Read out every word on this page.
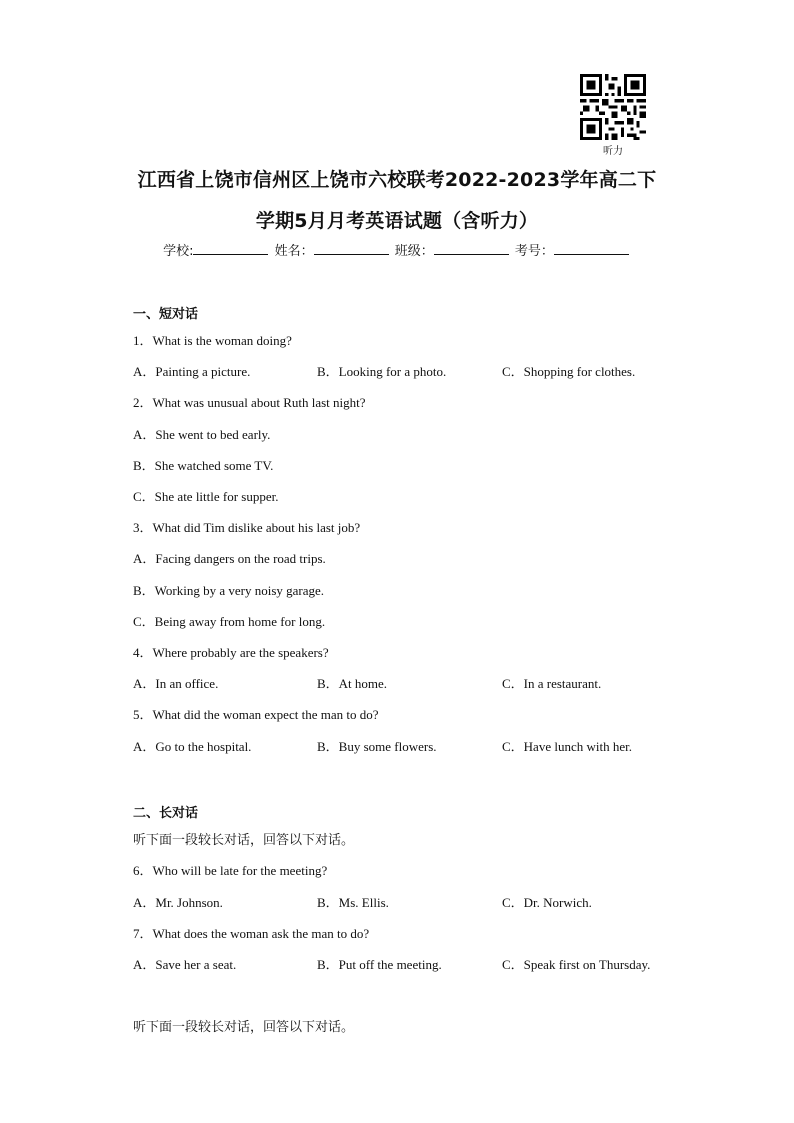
听力
江西省上饶市信州区上饶市六校联考2022-2023学年高二下
学期5月月考英语试题（含听力）
学校:	姓名：	班级：	考号：
一、短对话
1．What is the woman doing?
A．Painting a picture.	B．Looking for a photo.	C．Shopping for clothes.
2．What was unusual about Ruth last night?
A．She went to bed early.
B．She watched some TV.
C．She ate little for supper.
3．What did Tim dislike about his last job?
A．Facing dangers on the road trips.
B．Working by a very noisy garage.
C．Being away from home for long.
4．Where probably are the speakers?
A．In an office.	B．At home.	C．In a restaurant.
5．What did the woman expect the man to do?
A．Go to the hospital.	B．Buy some flowers.	C．Have lunch with her.
二、长对话
听下面一段较长对话，回答以下对话。
6．Who will be late for the meeting?
A．Mr. Johnson.	B．Ms. Ellis.	C．Dr. Norwich.
7．What does the woman ask the man to do?
A．Save her a seat.	B．Put off the meeting.	C．Speak first on Thursday.
听下面一段较长对话，回答以下对话。
